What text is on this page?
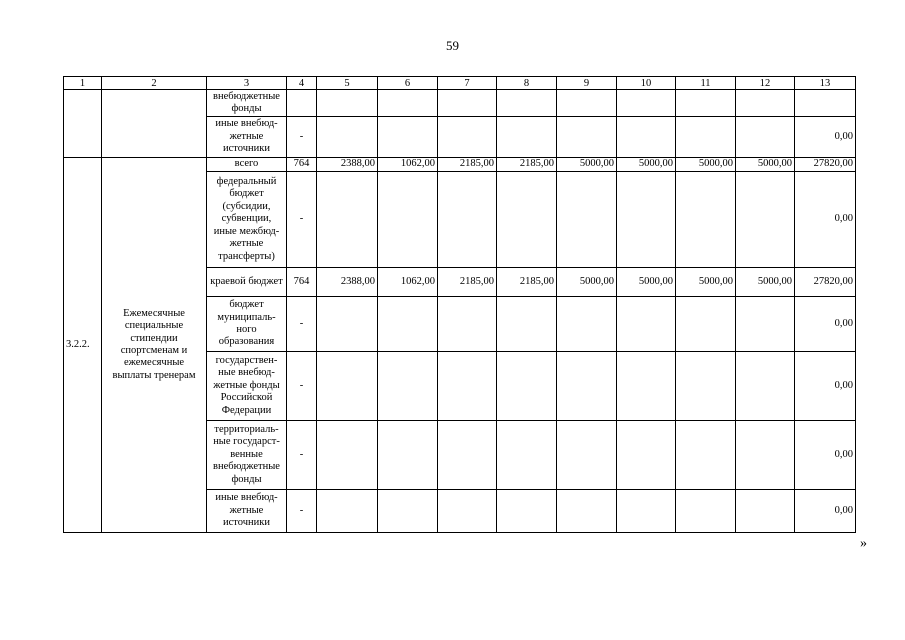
59
1	2	3	4	5	6	7	8	9	10	11	12	13
		внебюджетные фонды										
		иные внебюд-жетные источники	-									0,00
3.2.2.	Ежемесячные специальные стипендии спортсменам и ежемесячные выплаты тренерам	всего	764	2388,00	1062,00	2185,00	2185,00	5000,00	5000,00	5000,00	5000,00	27820,00
		федеральный бюджет (субсидии, субвенции, иные межбюд-жетные трансферты)	-									0,00
		краевой бюджет	764	2388,00	1062,00	2185,00	2185,00	5000,00	5000,00	5000,00	5000,00	27820,00
		бюджет муниципаль-ного образования	-									0,00
		государствен-ные внебюд-жетные фонды Российской Федерации	-									0,00
		территориаль-ные государст-венные внебюджетные фонды	-									0,00
		иные внебюд-жетные источники	-									0,00
»
